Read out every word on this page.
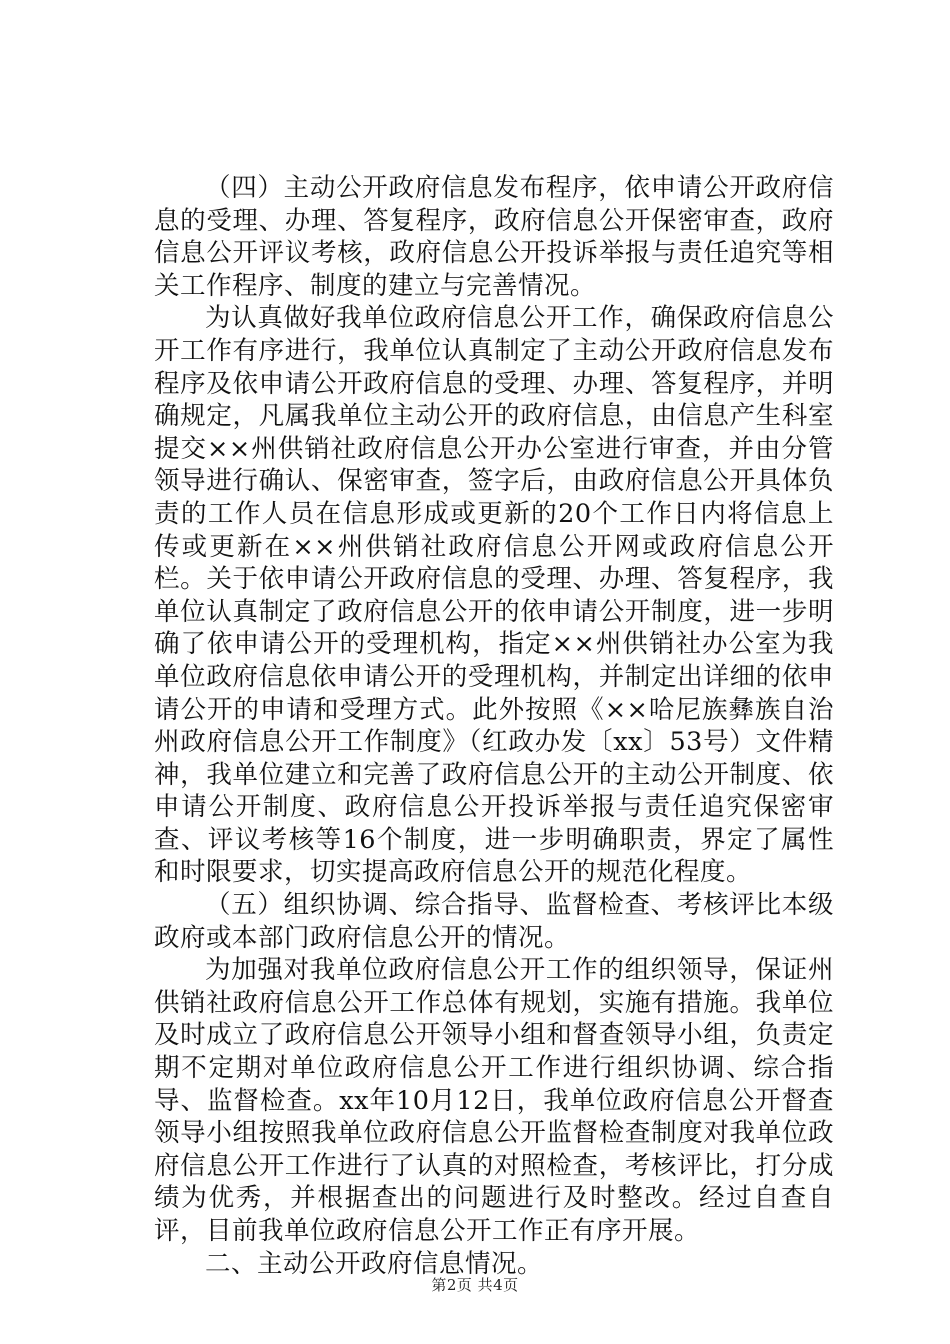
（四）主动公开政府信息发布程序，依申请公开政府信息的受理、办理、答复程序，政府信息公开保密审查，政府信息公开评议考核，政府信息公开投诉举报与责任追究等相关工作程序、制度的建立与完善情况。

为认真做好我单位政府信息公开工作，确保政府信息公开工作有序进行，我单位认真制定了主动公开政府信息发布程序及依申请公开政府信息的受理、办理、答复程序，并明确规定，凡属我单位主动公开的政府信息，由信息产生科室提交××州供销社政府信息公开办公室进行审查，并由分管领导进行确认、保密审查，签字后，由政府信息公开具体负责的工作人员在信息形成或更新的20个工作日内将信息上传或更新在××州供销社政府信息公开网或政府信息公开栏。关于依申请公开政府信息的受理、办理、答复程序，我单位认真制定了政府信息公开的依申请公开制度，进一步明确了依申请公开的受理机构，指定××州供销社办公室为我单位政府信息依申请公开的受理机构，并制定出详细的依申请公开的申请和受理方式。此外按照《××哈尼族彝族自治州政府信息公开工作制度》（红政办发〔xx〕53号）文件精神，我单位建立和完善了政府信息公开的主动公开制度、依申请公开制度、政府信息公开投诉举报与责任追究保密审查、评议考核等16个制度，进一步明确职责，界定了属性和时限要求，切实提高政府信息公开的规范化程度。

（五）组织协调、综合指导、监督检查、考核评比本级政府或本部门政府信息公开的情况。

为加强对我单位政府信息公开工作的组织领导，保证州供销社政府信息公开工作总体有规划，实施有措施。我单位及时成立了政府信息公开领导小组和督查领导小组，负责定期不定期对单位政府信息公开工作进行组织协调、综合指导、监督检查。xx年10月12日，我单位政府信息公开督查领导小组按照我单位政府信息公开监督检查制度对我单位政府信息公开工作进行了认真的对照检查，考核评比，打分成绩为优秀，并根据查出的问题进行及时整改。经过自查自评，目前我单位政府信息公开工作正有序开展。

二、主动公开政府信息情况。

第2页 共4页
